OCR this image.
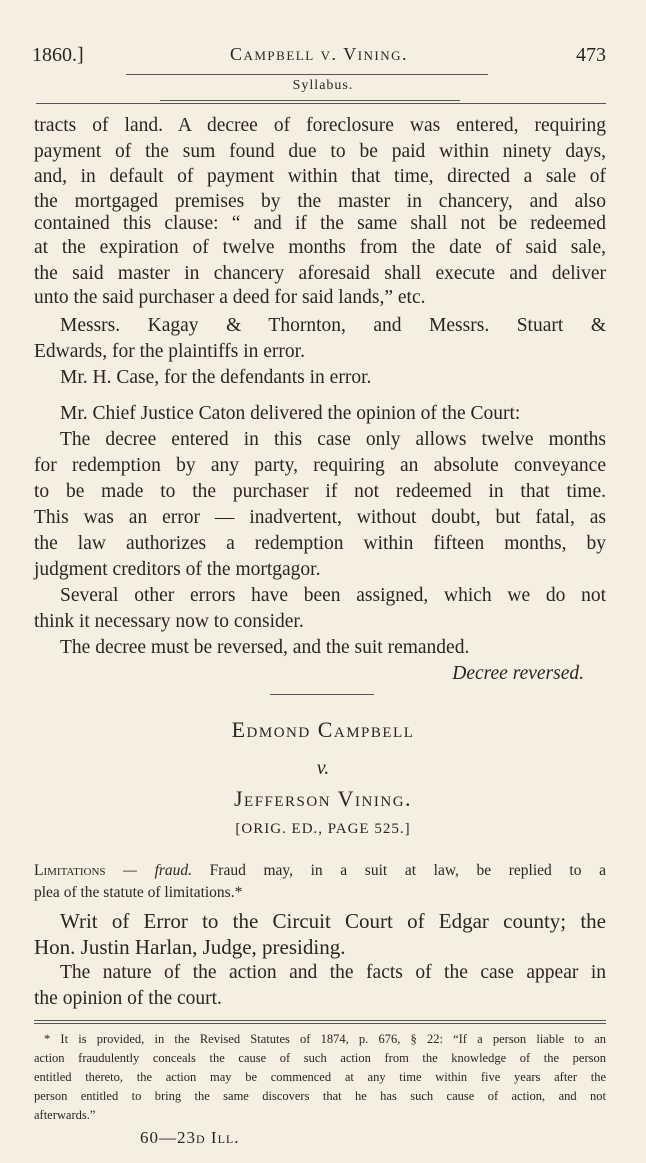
1860.]	Campbell v. Vining.	473
Syllabus.
tracts of land. A decree of foreclosure was entered, requiring
payment of the sum found due to be paid within ninety days,
and, in default of payment within that time, directed a sale of
the mortgaged premises by the master in chancery, and also
contained this clause: “ and if the same shall not be redeemed
at the expiration of twelve months from the date of said sale,
the said master in chancery aforesaid shall execute and deliver
unto the said purchaser a deed for said lands,” etc.
Messrs. Kagay & Thornton, and Messrs. Stuart &
Edwards, for the plaintiffs in error.
Mr. H. Case, for the defendants in error.
Mr. Chief Justice Caton delivered the opinion of the Court:
The decree entered in this case only allows twelve months
for redemption by any party, requiring an absolute conveyance
to be made to the purchaser if not redeemed in that time.
This was an error — inadvertent, without doubt, but fatal, as
the law authorizes a redemption within fifteen months, by
judgment creditors of the mortgagor.
Several other errors have been assigned, which we do not
think it necessary now to consider.
The decree must be reversed, and the suit remanded.
Decree reversed.
Edmond Campbell
v.
Jefferson Vining.
[ORIG. ED., PAGE 525.]
Limitations — fraud. Fraud may, in a suit at law, be replied to a
plea of the statute of limitations.*
Writ of Error to the Circuit Court of Edgar county; the
Hon. Justin Harlan, Judge, presiding.
The nature of the action and the facts of the case appear in
the opinion of the court.
* It is provided, in the Revised Statutes of 1874, p. 676, § 22: “If a person liable to an
action fraudulently conceals the cause of such action from the knowledge of the person
entitled thereto, the action may be commenced at any time within five years after the
person entitled to bring the same discovers that he has such cause of action, and not
afterwards.”
60—23d Ill.
